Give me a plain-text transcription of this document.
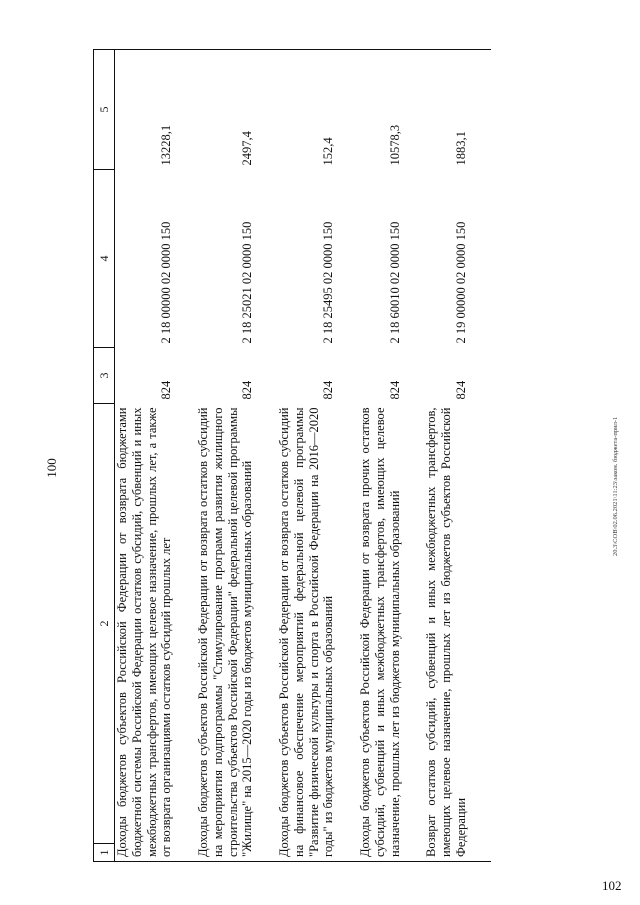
100
1	2	3	4	5
Доходы бюджетов субъектов Российской Федерации от возврата бюджетами бюджетной системы Российской Федерации остатков субсидий, субвенций и иных межбюджетных трансфертов, имеющих целевое назначение, прошлых лет, а также от возврата организациями остатков субсидий прошлых лет		824	2 18 00000 02 0000 150	13228,1
Доходы бюджетов субъектов Российской Федерации от возврата остатков субсидий на мероприятия подпрограммы "Стимулирование программ развития жилищного строительства субъектов Российской Федерации" федеральной целевой программы "Жилище" на 2015—2020 годы из бюджетов муниципальных образований		824	2 18 25021 02 0000 150	2497,4
Доходы бюджетов субъектов Российской Федерации от возврата остатков субсидий на финансовое обеспечение мероприятий федеральной целевой программы "Развитие физической культуры и спорта в Российской Федерации на 2016—2020 годы" из бюджетов муниципальных образований		824	2 18 25495 02 0000 150	152,4
Доходы бюджетов субъектов Российской Федерации от возврата прочих остатков субсидий, субвенций и иных межбюджетных трансфертов, имеющих целевое назначение, прошлых лет из бюджетов муниципальных образований		824	2 18 60010 02 0000 150	10578,3
Возврат остатков субсидий, субвенций и иных межбюджетных трансфертов, имеющих целевое назначение, прошлых лет из бюджетов субъектов Российской Федерации		824	2 19 00000 02 0000 150	1883,1
20.3\СОВ\02.06.2021\11:23\закон. бюджета-прил-1
102
